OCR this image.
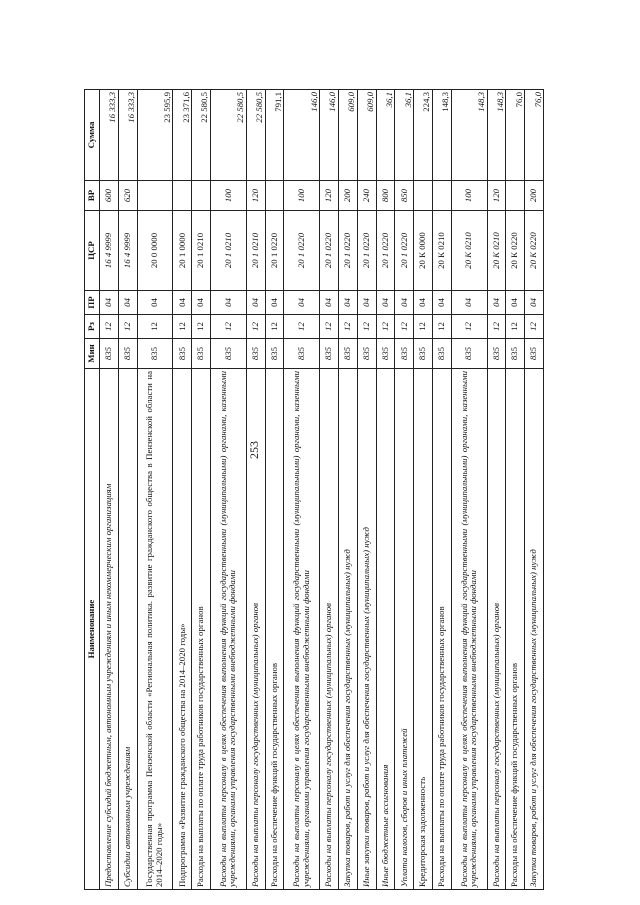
253
Наименование	Мин	Рз	ПР	ЦСР	ВР	Сумма
Предоставление субсидий бюджетным, автономным учреждениям и иным некоммерческим организациям	835	12	04	16 4 9999	600	16 333,3
Субсидии автономным учреждениям	835	12	04	16 4 9999	620	16 333,3
Государственная программа Пензенской области «Региональная политика. развитие гражданского общества в Пензенской области на 2014–2020 годы»	835	12	04	20 0 0000		23 595,9
Подпрограмма «Развитие гражданского общества на 2014–2020 годы»	835	12	04	20 1 0000		23 371,6
Расходы на выплаты по оплате труда работников государственных органов	835	12	04	20 1 0210		22 580,5
Расходы на выплаты персоналу в целях обеспечения выполнения функций государственными (муниципальными) органами, казенными учреждениями, органами управления государственными внебюджетными фондами	835	12	04	20 1 0210	100	22 580,5
Расходы на выплаты персоналу государственных (муниципальных) органов	835	12	04	20 1 0210	120	22 580,5
Расходы на обеспечение функций государственных органов	835	12	04	20 1 0220		791,1
Расходы на выплаты персоналу в целях обеспечения выполнения функций государственными (муниципальными) органами, казенными учреждениями, органами управления государственными внебюджетными фондами	835	12	04	20 1 0220	100	146,0
Расходы на выплаты персоналу государственных (муниципальных) органов	835	12	04	20 1 0220	120	146,0
Закупка товаров, работ и услуг для обеспечения государственных (муниципальных) нужд	835	12	04	20 1 0220	200	609,0
Иные закупки товаров, работ и услуг для обеспечения государственных (муниципальных) нужд	835	12	04	20 1 0220	240	609,0
Иные бюджетные ассигнования	835	12	04	20 1 0220	800	36,1
Уплата налогов, сборов и иных платежей	835	12	04	20 1 0220	850	36,1
Кредиторская задолженность	835	12	04	20 К 0000		224,3
Расходы на выплаты по оплате труда работников государственных органов	835	12	04	20 К 0210		148,3
Расходы на выплаты персоналу в целях обеспечения выполнения функций государственными (муниципальными) органами, казенными учреждениями, органами управления государственными внебюджетными фондами	835	12	04	20 К 0210	100	148,3
Расходы на выплаты персоналу государственных (муниципальных) органов	835	12	04	20 К 0210	120	148,3
Расходы на обеспечение функций государственных органов	835	12	04	20 К 0220		76,0
Закупка товаров, работ и услуг для обеспечения государственных (муниципальных) нужд	835	12	04	20 К 0220	200	76,0
